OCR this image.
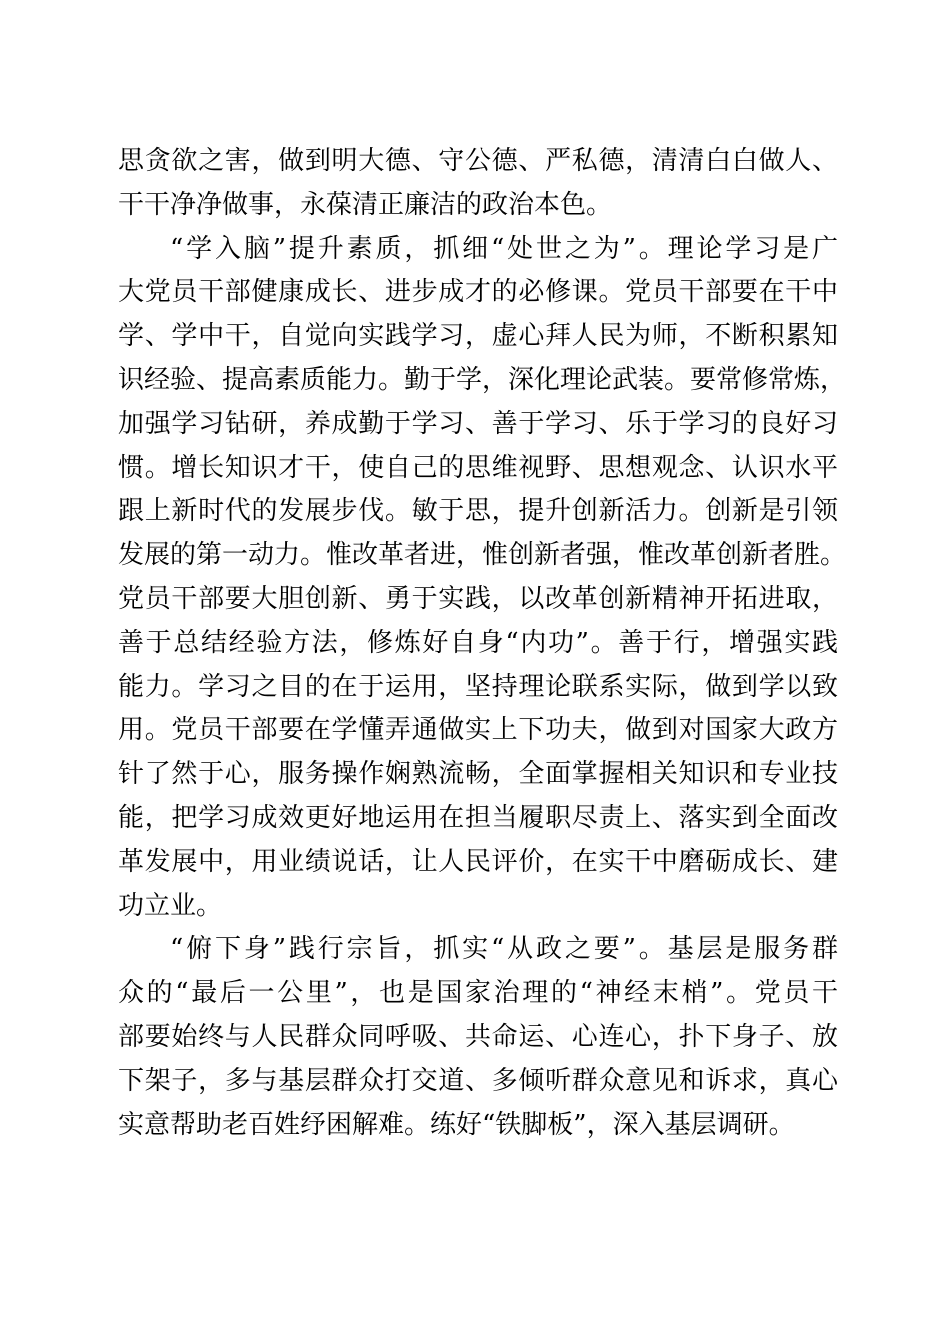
思贪欲之害，做到明大德、守公德、严私德，清清白白做人、
干干净净做事，永葆清正廉洁的政治本色。
“学入脑”提升素质，抓细“处世之为”。理论学习是广
大党员干部健康成长、进步成才的必修课。党员干部要在干中
学、学中干，自觉向实践学习，虚心拜人民为师，不断积累知
识经验、提高素质能力。勤于学，深化理论武装。要常修常炼，
加强学习钻研，养成勤于学习、善于学习、乐于学习的良好习
惯。增长知识才干，使自己的思维视野、思想观念、认识水平
跟上新时代的发展步伐。敏于思，提升创新活力。创新是引领
发展的第一动力。惟改革者进，惟创新者强，惟改革创新者胜。
党员干部要大胆创新、勇于实践，以改革创新精神开拓进取，
善于总结经验方法，修炼好自身“内功”。善于行，增强实践
能力。学习之目的在于运用，坚持理论联系实际，做到学以致
用。党员干部要在学懂弄通做实上下功夫，做到对国家大政方
针了然于心，服务操作娴熟流畅，全面掌握相关知识和专业技
能，把学习成效更好地运用在担当履职尽责上、落实到全面改
革发展中，用业绩说话，让人民评价，在实干中磨砺成长、建
功立业。
“俯下身”践行宗旨，抓实“从政之要”。基层是服务群
众的“最后一公里”，也是国家治理的“神经末梢”。党员干
部要始终与人民群众同呼吸、共命运、心连心，扑下身子、放
下架子，多与基层群众打交道、多倾听群众意见和诉求，真心
实意帮助老百姓纾困解难。练好“铁脚板”，深入基层调研。
